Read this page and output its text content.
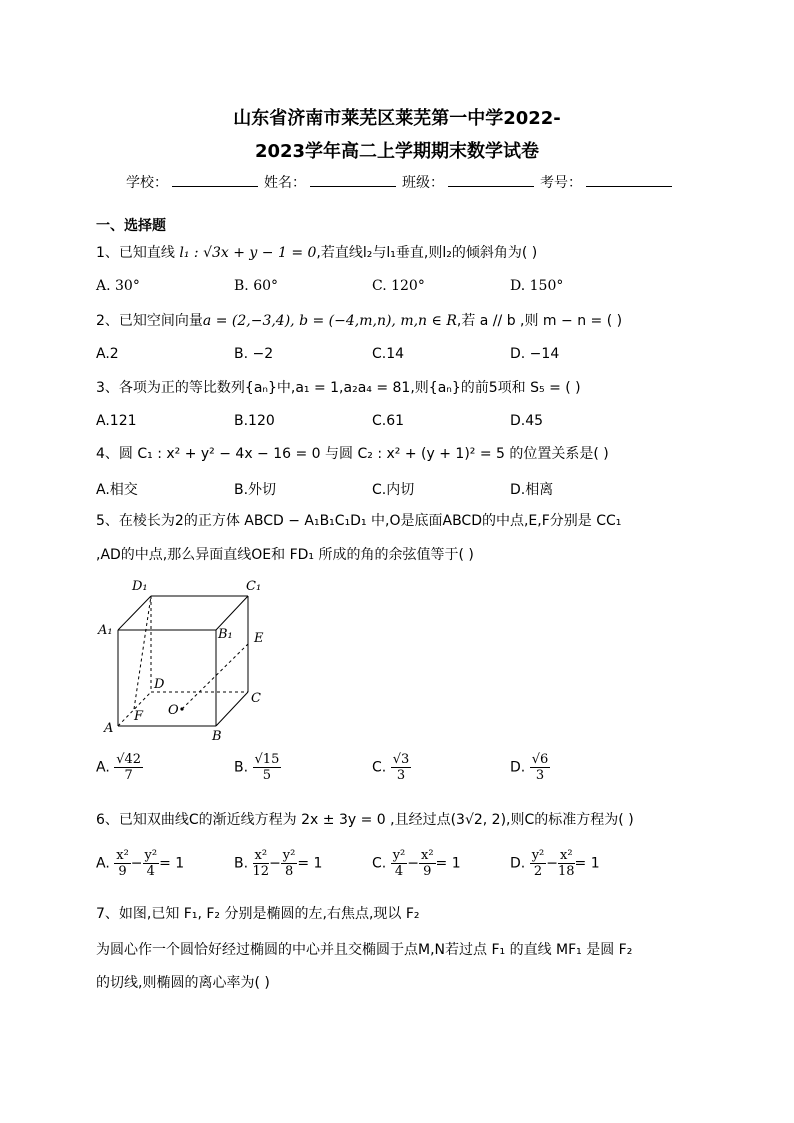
山东省济南市莱芜区莱芜第一中学2022-
2023学年高二上学期期末数学试卷
学校：	姓名：	班级：	考号：
一、选择题
1、已知直线 l₁ : √3x + y − 1 = 0,若直线l₂与l₁垂直,则l₂的倾斜角为( )
A. 30°	B. 60°	C. 120°	D. 150°
2、已知空间向量a = (2,−3,4), b = (−4,m,n), m,n ∈ R,若 a // b ,则 m − n = ( )
A.2	B. −2	C.14	D. −14
3、各项为正的等比数列{aₙ}中,a₁ = 1,a₂a₄ = 81,则{aₙ}的前5项和 S₅ = ( )
A.121	B.120	C.61	D.45
4、圆 C₁ : x² + y² − 4x − 16 = 0 与圆 C₂ : x² + (y + 1)² = 5 的位置关系是( )
A.相交	B.外切	C.内切	D.相离
5、在棱长为2的正方体 ABCD − A₁B₁C₁D₁ 中,O是底面ABCD的中点,E,F分别是 CC₁
,AD的中点,那么异面直线OE和 FD₁ 所成的角的余弦值等于( )
D₁	C₁
A₁	B₁ E
D
C
O
F
A
B
A. $\frac{√42}{7}$	B. $\frac{√15}{5}$	C. $\frac{√3}{3}$	D. $\frac{√6}{3}$
6、已知双曲线C的渐近线方程为 2x ± 3y = 0 ,且经过点(3√2, 2),则C的标准方程为( )
A. $\frac{\text{x²}}{9} - \frac{\text{y²}}{4} = 1$	B. $\frac{\text{x²}}{12} - \frac{\text{y²}}{8} = 1$	C. $\frac{\text{y²}}{4} - \frac{\text{x²}}{9} = 1$	D. $\frac{\text{y²}}{2} - \frac{\text{x²}}{18} = 1$
7、如图,已知 F₁, F₂ 分别是椭圆的左,右焦点,现以 F₂
为圆心作一个圆恰好经过椭圆的中心并且交椭圆于点M,N若过点 F₁ 的直线 MF₁ 是圆 F₂
的切线,则椭圆的离心率为( )
